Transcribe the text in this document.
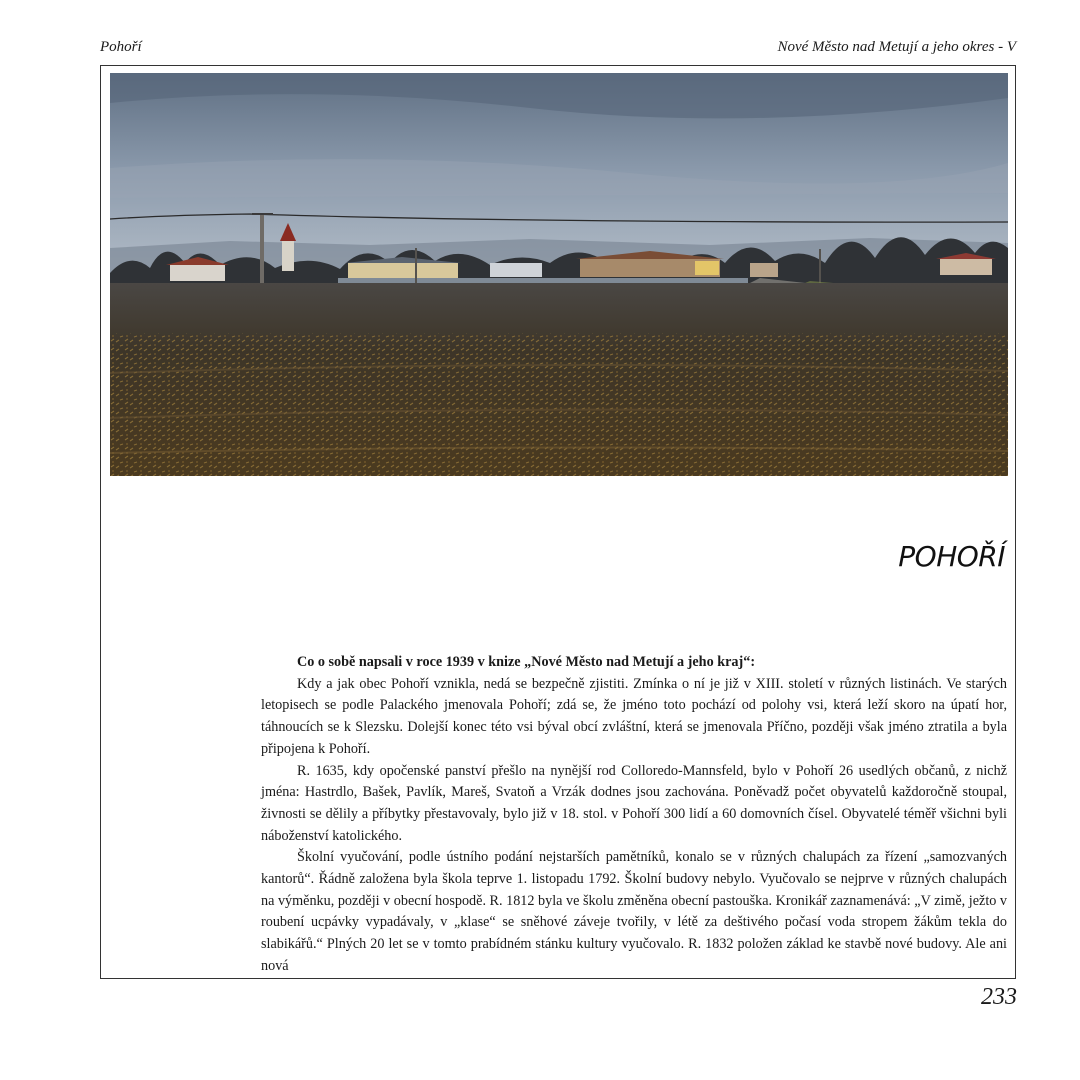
Pohoří	Nové Město nad Metují a jeho okres - V
POHOŘÍ

Co o sobě napsali v roce 1939 v knize „Nové Město nad Metují a jeho kraj“:

Kdy a jak obec Pohoří vznikla, nedá se bezpečně zjistiti. Zmínka o ní je již v XIII. století v různých listinách. Ve starých letopisech se podle Palackého jmenovala Pohoří; zdá se, že jméno toto pochází od polohy vsi, která leží skoro na úpatí hor, táhnoucích se k Slezsku. Dolejší konec této vsi býval obcí zvláštní, která se jmenovala Příčno, později však jméno ztratila a byla připojena k Pohoří.

R. 1635, kdy opočenské panství přešlo na nynější rod Colloredo-Mannsfeld, bylo v Pohoří 26 usedlých občanů, z nichž jména: Hastrdlo, Bašek, Pavlík, Mareš, Svatoň a Vrzák dodnes jsou zachována. Poněvadž počet obyvatelů každoročně stoupal, živnosti se dělily a příbytky přestavovaly, bylo již v 18. stol. v Pohoří 300 lidí a 60 domovních čísel. Obyvatelé téměř všichni byli náboženství katolického.

Školní vyučování, podle ústního podání nejstarších pamětníků, konalo se v různých chalupách za řízení „samozvaných kantorů“. Řádně založena byla škola teprve 1. listopadu 1792. Školní budovy nebylo. Vyučovalo se nejprve v různých chalupách na výměnku, později v obecní hospodě. R. 1812 byla ve školu změněna obecní pastouška. Kronikář zaznamenává: „V zimě, ježto v roubení ucpávky vypadávaly, v „klase“ se sněhové záveje tvořily, v létě za deštivého počasí voda stropem žákům tekla do slabikářů.“ Plných 20 let se v tomto prabídném stánku kultury vyučovalo. R. 1832 položen základ ke stavbě nové budovy. Ale ani nová

233
